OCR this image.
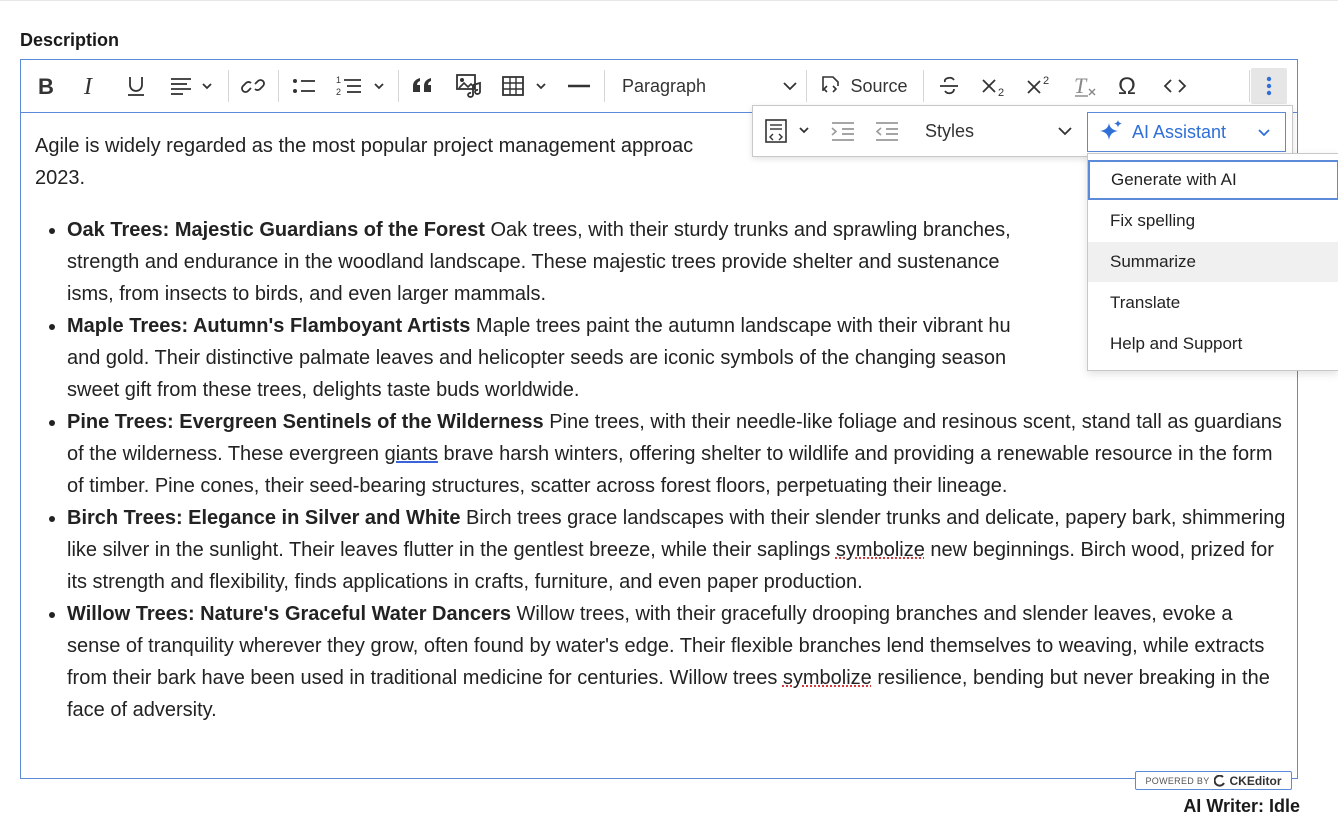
Description
B I	1
2	Paragraph	Source	2
2 T Ω

Agile is widely regarded as the most popular project management approac
2023.

• Oak Trees: Majestic Guardians of the Forest Oak trees, with their sturdy trunks and sprawling branches,
strength and endurance in the woodland landscape. These majestic trees provide shelter and sustenance
isms, from insects to birds, and even larger mammals.
• Maple Trees: Autumn's Flamboyant Artists Maple trees paint the autumn landscape with their vibrant hu
and gold. Their distinctive palmate leaves and helicopter seeds are iconic symbols of the changing season
sweet gift from these trees, delights taste buds worldwide.
• Pine Trees: Evergreen Sentinels of the Wilderness Pine trees, with their needle-like foliage and resinous scent, stand tall as guardians of the wilderness. These evergreen giants brave harsh winters, offering shelter to wildlife and providing a renewable resource in the form of timber. Pine cones, their seed-bearing structures, scatter across forest floors, perpetuating their lineage.
• Birch Trees: Elegance in Silver and White Birch trees grace landscapes with their slender trunks and delicate, papery bark, shimmering like silver in the sunlight. Their leaves flutter in the gentlest breeze, while their saplings symbolize new beginnings. Birch wood, prized for its strength and flexibility, finds applications in crafts, furniture, and even paper production.
• Willow Trees: Nature's Graceful Water Dancers Willow trees, with their gracefully drooping branches and slender leaves, evoke a sense of tranquility wherever they grow, often found by water's edge. Their flexible branches lend themselves to weaving, while extracts from their bark have been used in traditional medicine for centuries. Willow trees symbolize resilience, bending but never breaking in the face of adversity.
Styles	AI Assistant
Generate with AI
Fix spelling
Summarize
Translate
Help and Support
POWERED BY CKEditor
AI Writer: Idle
